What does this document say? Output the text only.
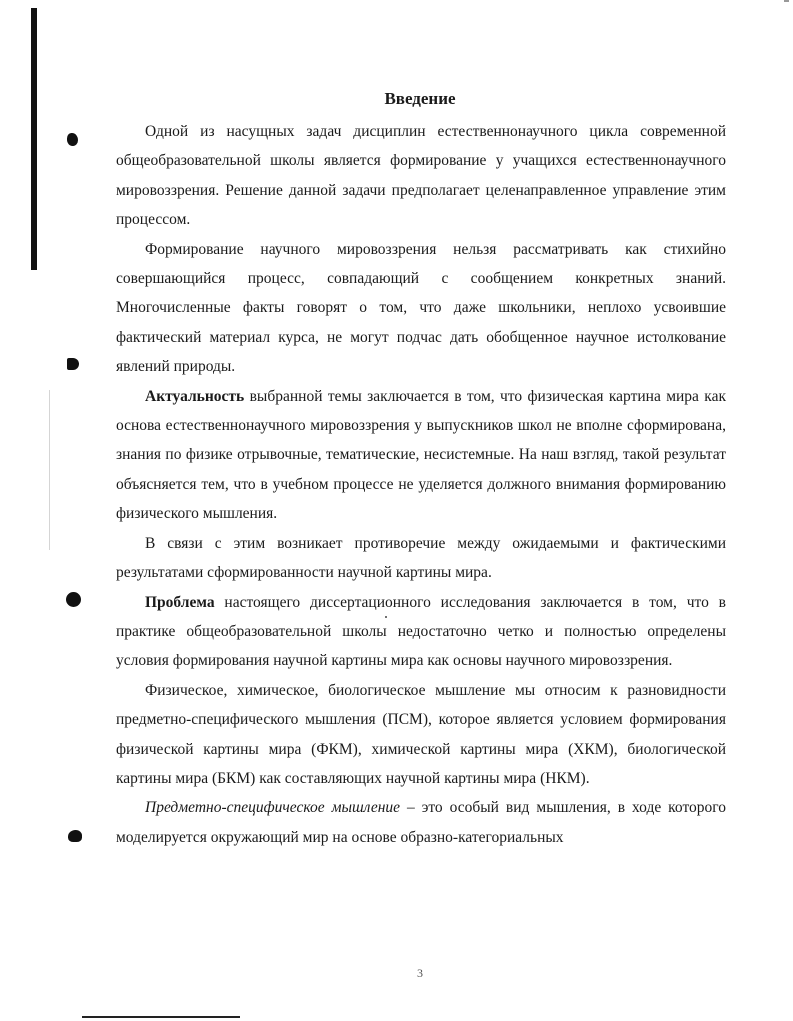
Введение

Одной из насущных задач дисциплин естественнонаучного цикла современной общеобразовательной школы является формирование у учащихся естественнонаучного мировоззрения. Решение данной задачи предполагает целенаправленное управление этим процессом.

Формирование научного мировоззрения нельзя рассматривать как стихийно совершающийся процесс, совпадающий с сообщением конкретных знаний. Многочисленные факты говорят о том, что даже школьники, неплохо усвоившие фактический материал курса, не могут подчас дать обобщенное научное истолкование явлений природы.

Актуальность выбранной темы заключается в том, что физическая картина мира как основа естественнонаучного мировоззрения у выпускников школ не вполне сформирована, знания по физике отрывочные, тематические, несистемные. На наш взгляд, такой результат объясняется тем, что в учебном процессе не уделяется должного внимания формированию физического мышления.

В связи с этим возникает противоречие между ожидаемыми и фактическими результатами сформированности научной картины мира.

Проблема настоящего диссертационного исследования заключается в том, что в практике общеобразовательной школы недостаточно четко и полностью определены условия формирования научной картины мира как основы научного мировоззрения.

Физическое, химическое, биологическое мышление мы относим к разновидности предметно-специфического мышления (ПСМ), которое является условием формирования физической картины мира (ФКМ), химической картины мира (ХКМ), биологической картины мира (БКМ) как составляющих научной картины мира (НКМ).

Предметно-специфическое мышление – это особый вид мышления, в ходе которого моделируется окружающий мир на основе образно-категориальных

3
